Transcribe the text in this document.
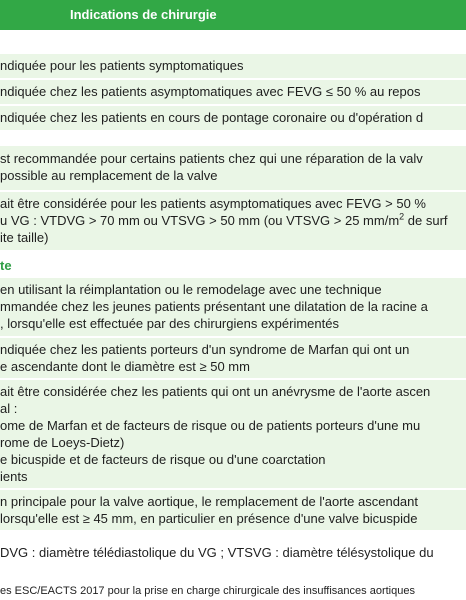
Indications de chirurgie
ndiquée pour les patients symptomatiques
ndiquée chez les patients asymptomatiques avec FEVG ≤ 50 % au repos
ndiquée chez les patients en cours de pontage coronaire ou d'opération d
st recommandée pour certains patients chez qui une réparation de la valv
possible au remplacement de la valve
ait être considérée pour les patients asymptomatiques avec FEVG > 50 %
u VG : VTDVG > 70 mm ou VTSVG > 50 mm (ou VTSVG > 25 $mm/m^2$ de surf
ite taille)
te
en utilisant la réimplantation ou le remodelage avec une technique
mmandée chez les jeunes patients présentant une dilatation de la racine a
, lorsqu'elle est effectuée par des chirurgiens expérimentés
ndiquée chez les patients porteurs d'un syndrome de Marfan qui ont un
e ascendante dont le diamètre est ≥ 50 mm
ait être considérée chez les patients qui ont un anévrysme de l'aorte ascen
al :
ome de Marfan et de facteurs de risque ou de patients porteurs d'une mu
rome de Loeys-Dietz)
e bicuspide et de facteurs de risque ou d'une coarctation
ients
n principale pour la valve aortique, le remplacement de l'aorte ascendant
lorsqu'elle est ≥ 45 mm, en particulier en présence d'une valve bicuspide
DVG : diamètre télédiastolique du VG ; VTSVG : diamètre télésystolique du
es ESC/EACTS 2017 pour la prise en charge chirurgicale des insuffisances aortiques
